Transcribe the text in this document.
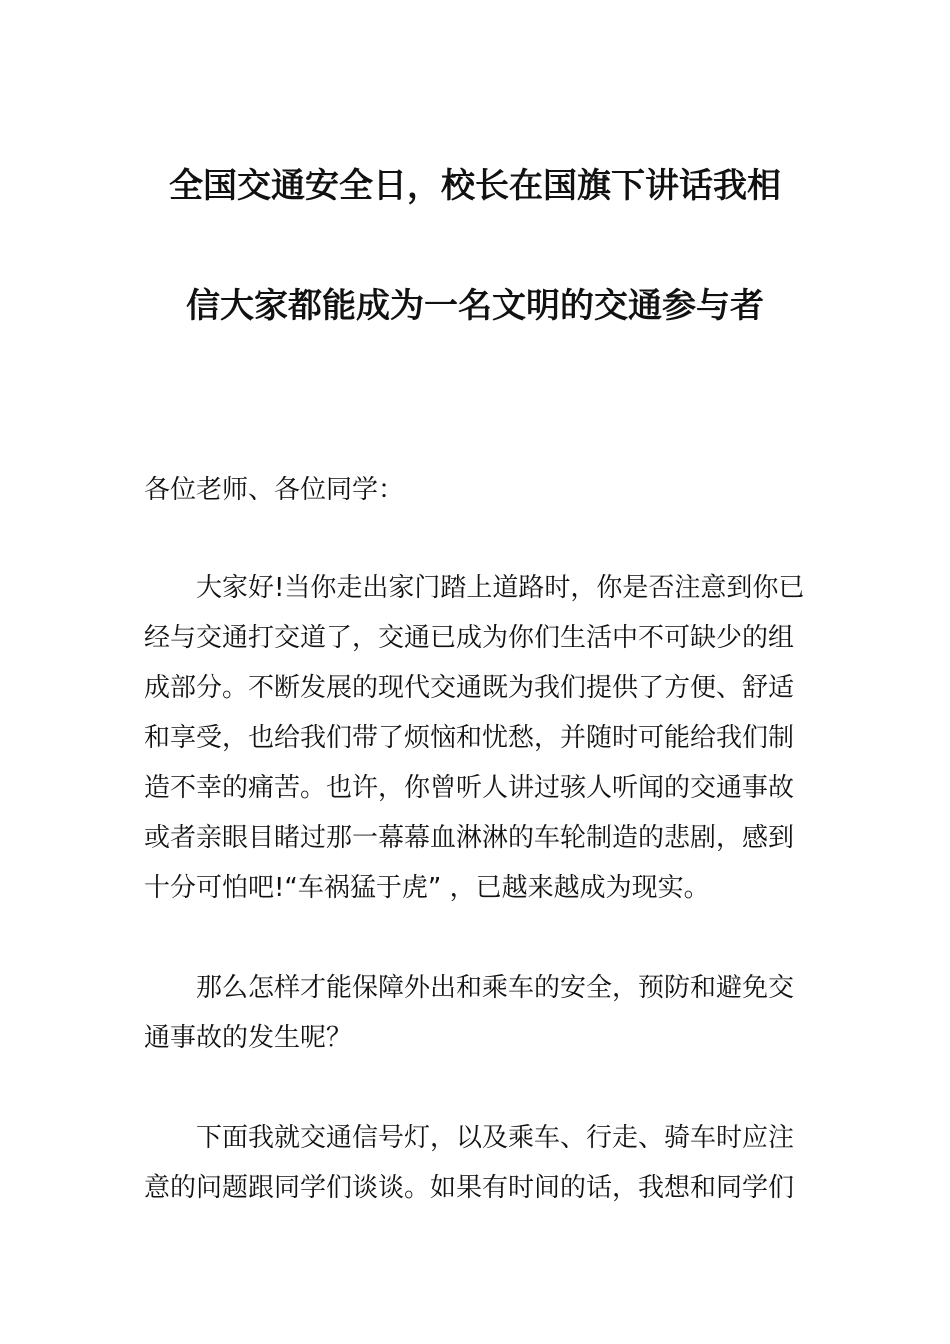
全国交通安全日，校长在国旗下讲话我相
信大家都能成为一名文明的交通参与者
各位老师、各位同学：

大家好!当你走出家门踏上道路时，你是否注意到你已经与交通打交道了，交通已成为你们生活中不可缺少的组成部分。不断发展的现代交通既为我们提供了方便、舒适和享受，也给我们带了烦恼和忧愁，并随时可能给我们制造不幸的痛苦。也许，你曾听人讲过骇人听闻的交通事故或者亲眼目睹过那一幕幕血淋淋的车轮制造的悲剧，感到十分可怕吧!“车祸猛于虎” ，已越来越成为现实。

那么怎样才能保障外出和乘车的安全，预防和避免交通事故的发生呢？

下面我就交通信号灯，以及乘车、行走、骑车时应注意的问题跟同学们谈谈。如果有时间的话，我想和同学们
